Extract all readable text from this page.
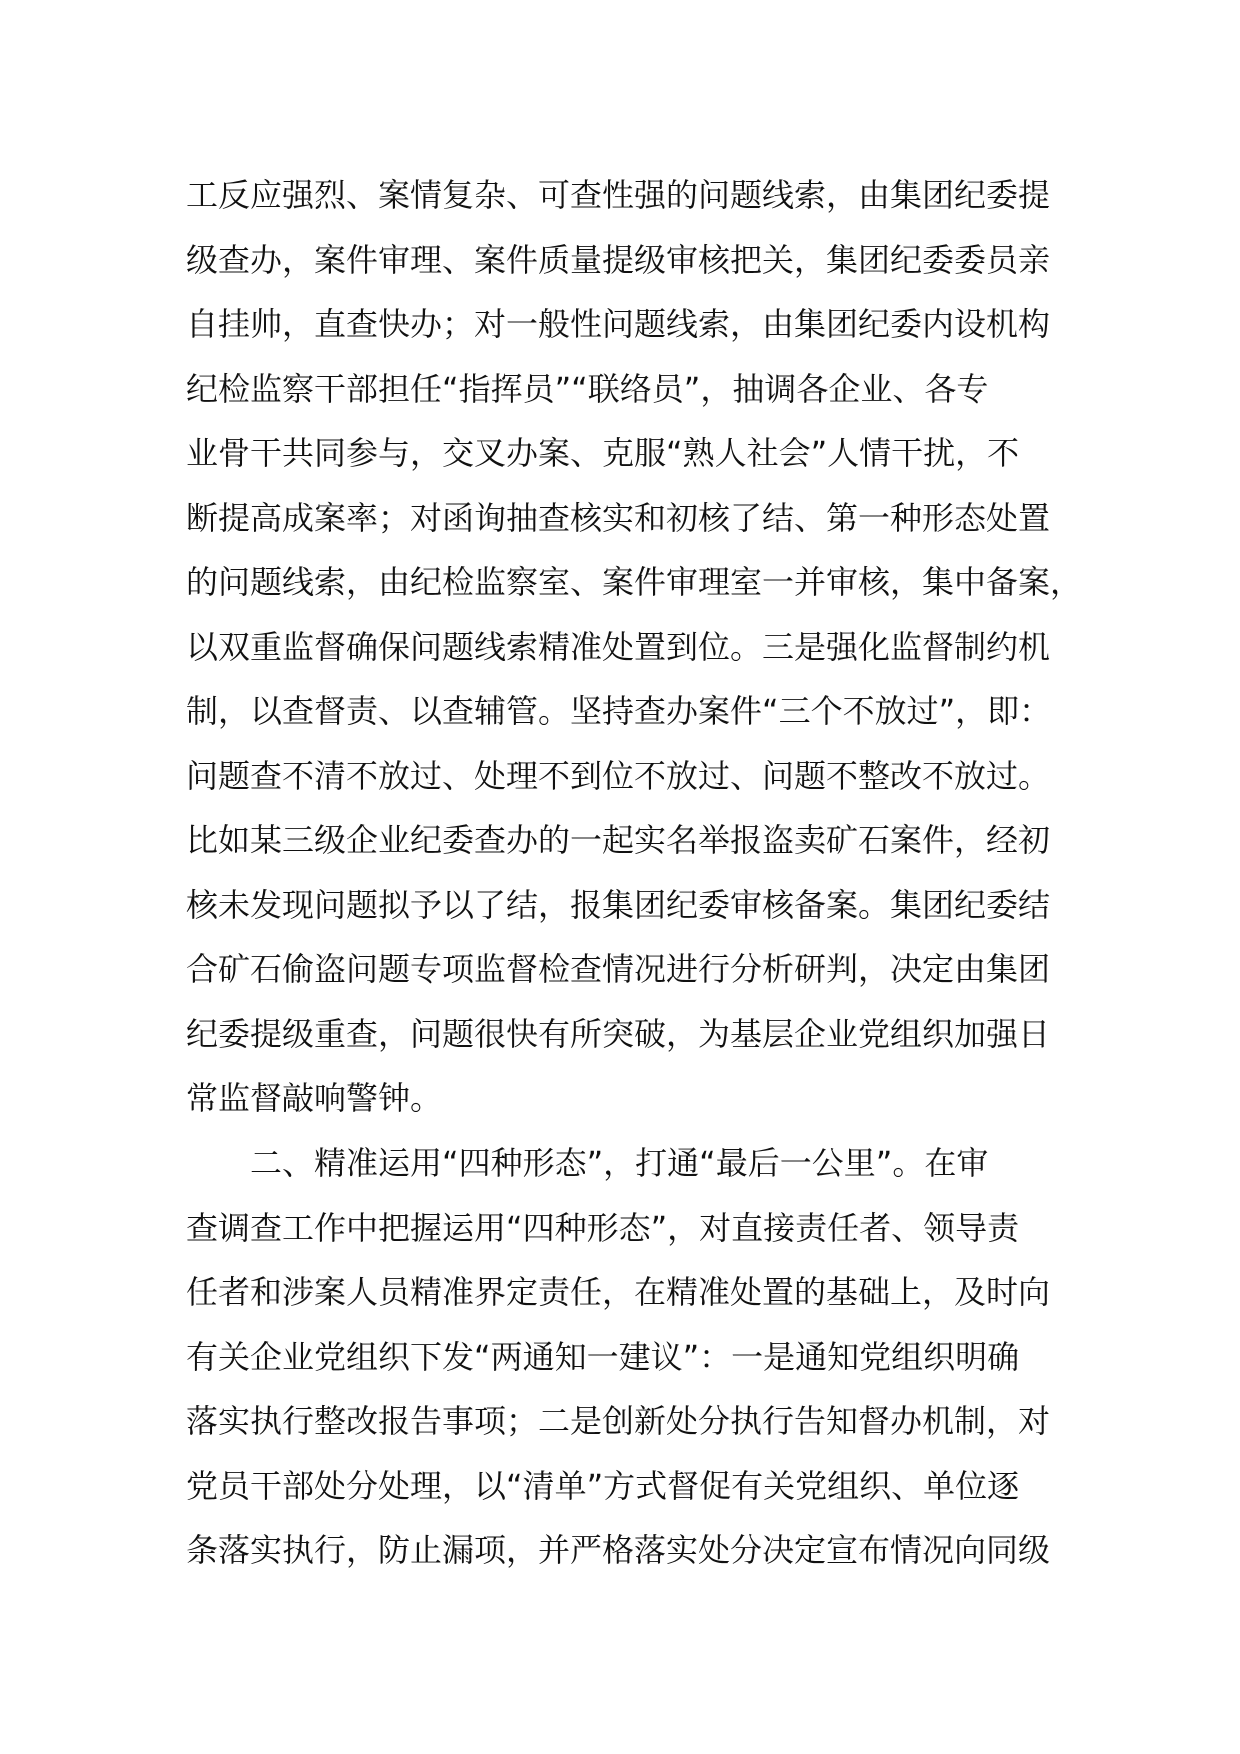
工反应强烈、案情复杂、可查性强的问题线索，由集团纪委提
级查办，案件审理、案件质量提级审核把关，集团纪委委员亲
自挂帅，直查快办；对一般性问题线索，由集团纪委内设机构
纪检监察干部担任“指挥员”“联络员”，抽调各企业、各专
业骨干共同参与，交叉办案、克服“熟人社会”人情干扰，不
断提高成案率；对函询抽查核实和初核了结、第一种形态处置
的问题线索，由纪检监察室、案件审理室一并审核，集中备案，
以双重监督确保问题线索精准处置到位。三是强化监督制约机
制，以查督责、以查辅管。坚持查办案件“三个不放过”，即：
问题查不清不放过、处理不到位不放过、问题不整改不放过。
比如某三级企业纪委查办的一起实名举报盗卖矿石案件，经初
核未发现问题拟予以了结，报集团纪委审核备案。集团纪委结
合矿石偷盗问题专项监督检查情况进行分析研判，决定由集团
纪委提级重查，问题很快有所突破，为基层企业党组织加强日
常监督敲响警钟。
　　二、精准运用“四种形态”，打通“最后一公里”。在审
查调查工作中把握运用“四种形态”，对直接责任者、领导责
任者和涉案人员精准界定责任，在精准处置的基础上，及时向
有关企业党组织下发“两通知一建议”：一是通知党组织明确
落实执行整改报告事项；二是创新处分执行告知督办机制，对
党员干部处分处理，以“清单”方式督促有关党组织、单位逐
条落实执行，防止漏项，并严格落实处分决定宣布情况向同级
